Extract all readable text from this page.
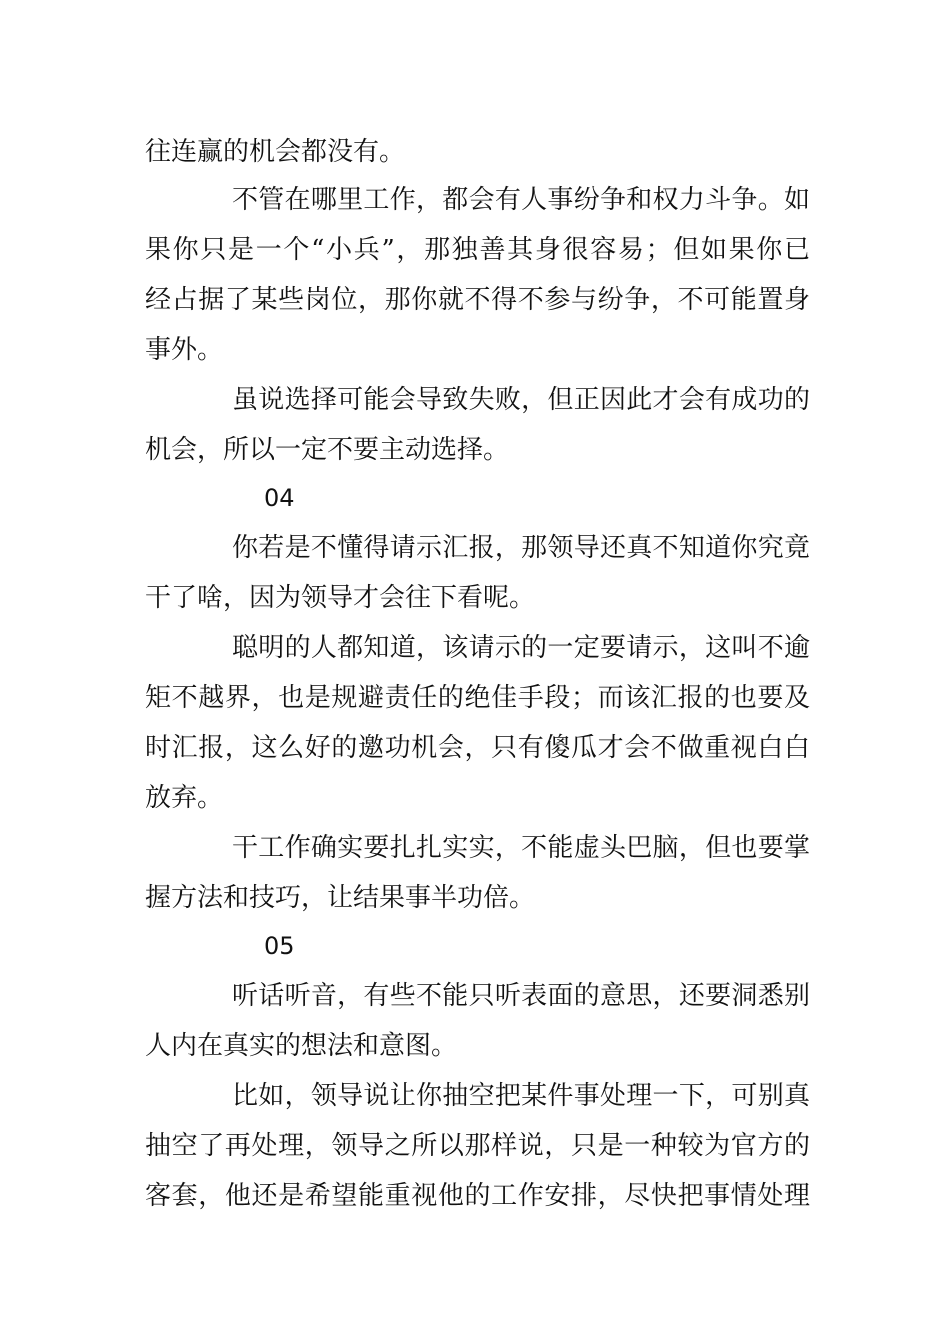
往连赢的机会都没有。
不管在哪里工作，都会有人事纷争和权力斗争。如
果你只是一个“小兵”，那独善其身很容易；但如果你已
经占据了某些岗位，那你就不得不参与纷争，不可能置身
事外。
虽说选择可能会导致失败，但正因此才会有成功的
机会，所以一定不要主动选择。
04
你若是不懂得请示汇报，那领导还真不知道你究竟
干了啥，因为领导才会往下看呢。
聪明的人都知道，该请示的一定要请示，这叫不逾
矩不越界，也是规避责任的绝佳手段；而该汇报的也要及
时汇报，这么好的邀功机会，只有傻瓜才会不做重视白白
放弃。
干工作确实要扎扎实实，不能虚头巴脑，但也要掌
握方法和技巧，让结果事半功倍。
05
听话听音，有些不能只听表面的意思，还要洞悉别
人内在真实的想法和意图。
比如，领导说让你抽空把某件事处理一下，可别真
抽空了再处理，领导之所以那样说，只是一种较为官方的
客套，他还是希望能重视他的工作安排，尽快把事情处理
